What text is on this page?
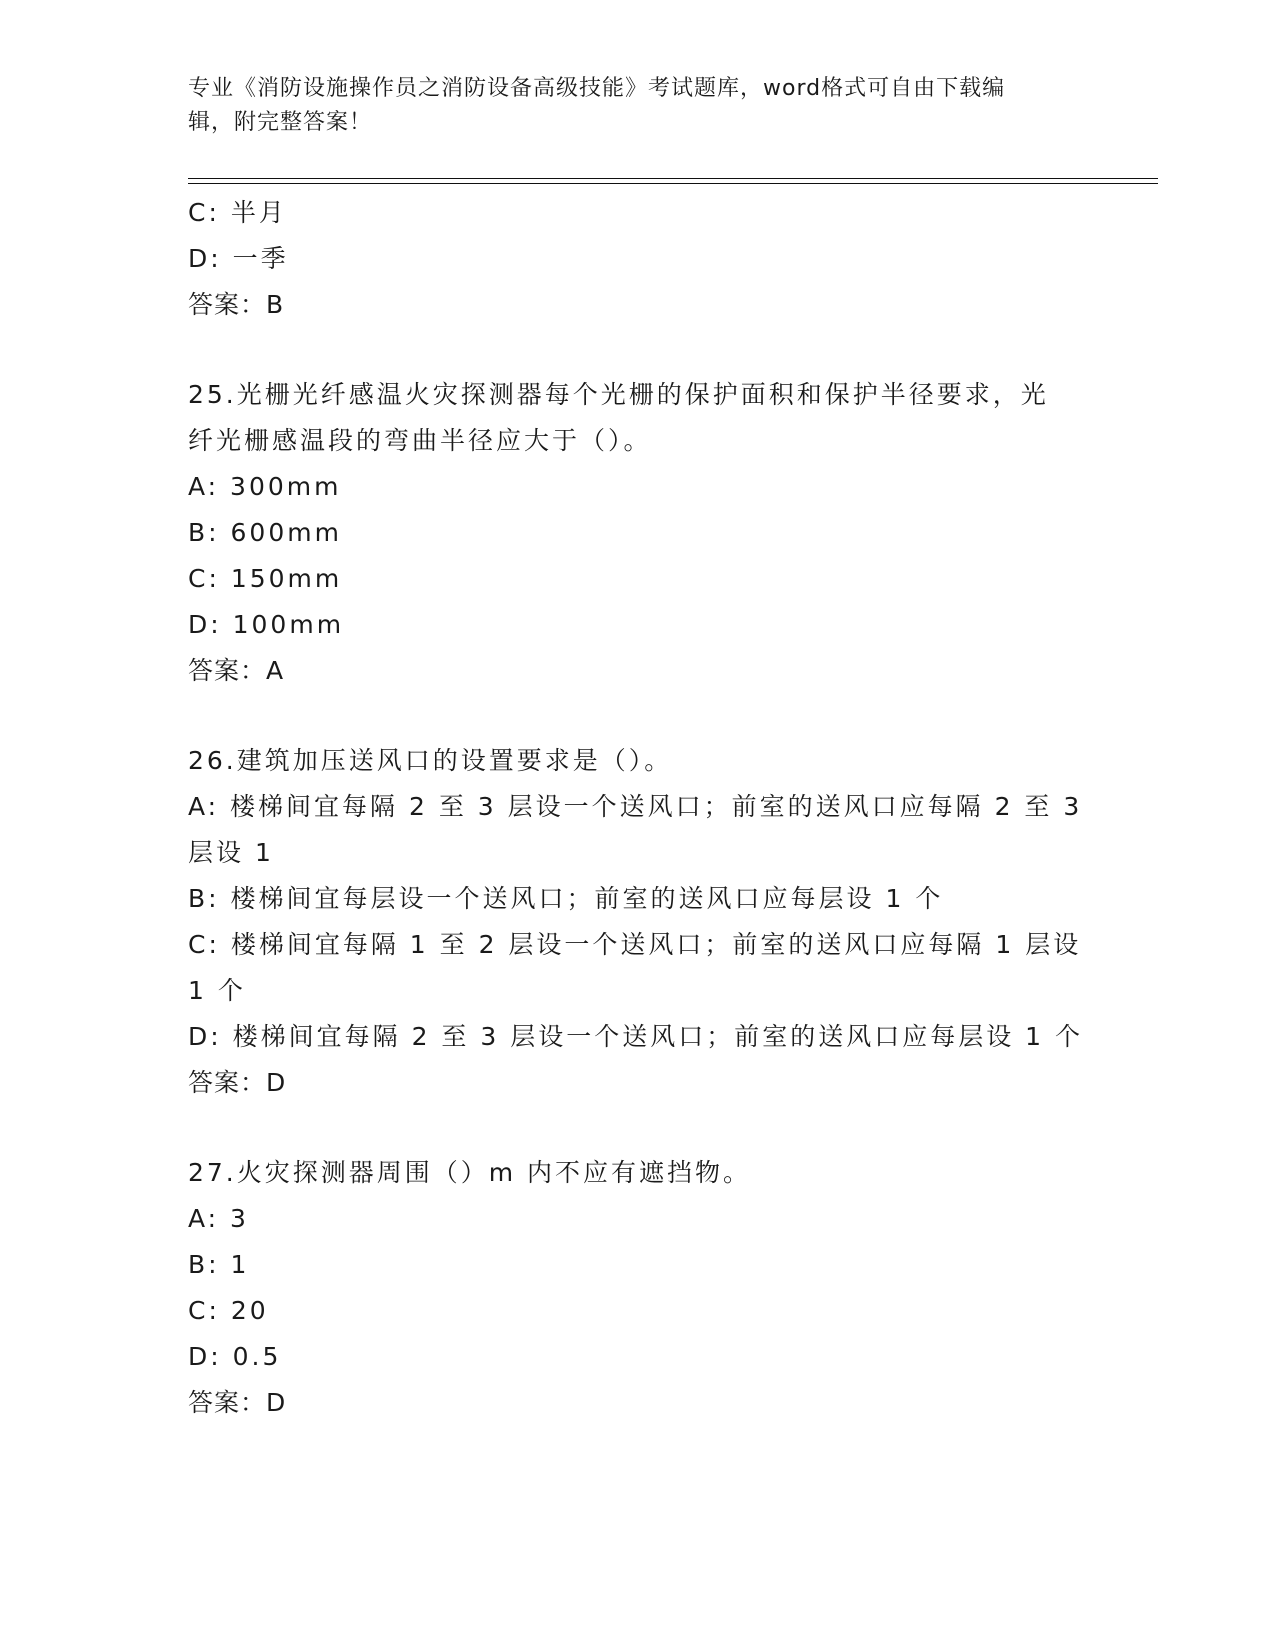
专业《消防设施操作员之消防设备高级技能》考试题库，word格式可自由下载编
辑，附完整答案！
C: 半月
D: 一季
答案：B
25.光栅光纤感温火灾探测器每个光栅的保护面积和保护半径要求，光
纤光栅感温段的弯曲半径应大于（）。
A: 300mm
B: 600mm
C: 150mm
D: 100mm
答案：A
26.建筑加压送风口的设置要求是（）。
A: 楼梯间宜每隔 2 至 3 层设一个送风口；前室的送风口应每隔 2 至 3
层设 1
B: 楼梯间宜每层设一个送风口；前室的送风口应每层设 1 个
C: 楼梯间宜每隔 1 至 2 层设一个送风口；前室的送风口应每隔 1 层设
1 个
D: 楼梯间宜每隔 2 至 3 层设一个送风口；前室的送风口应每层设 1 个
答案：D
27.火灾探测器周围（）m 内不应有遮挡物。
A: 3
B: 1
C: 20
D: 0.5
答案：D
